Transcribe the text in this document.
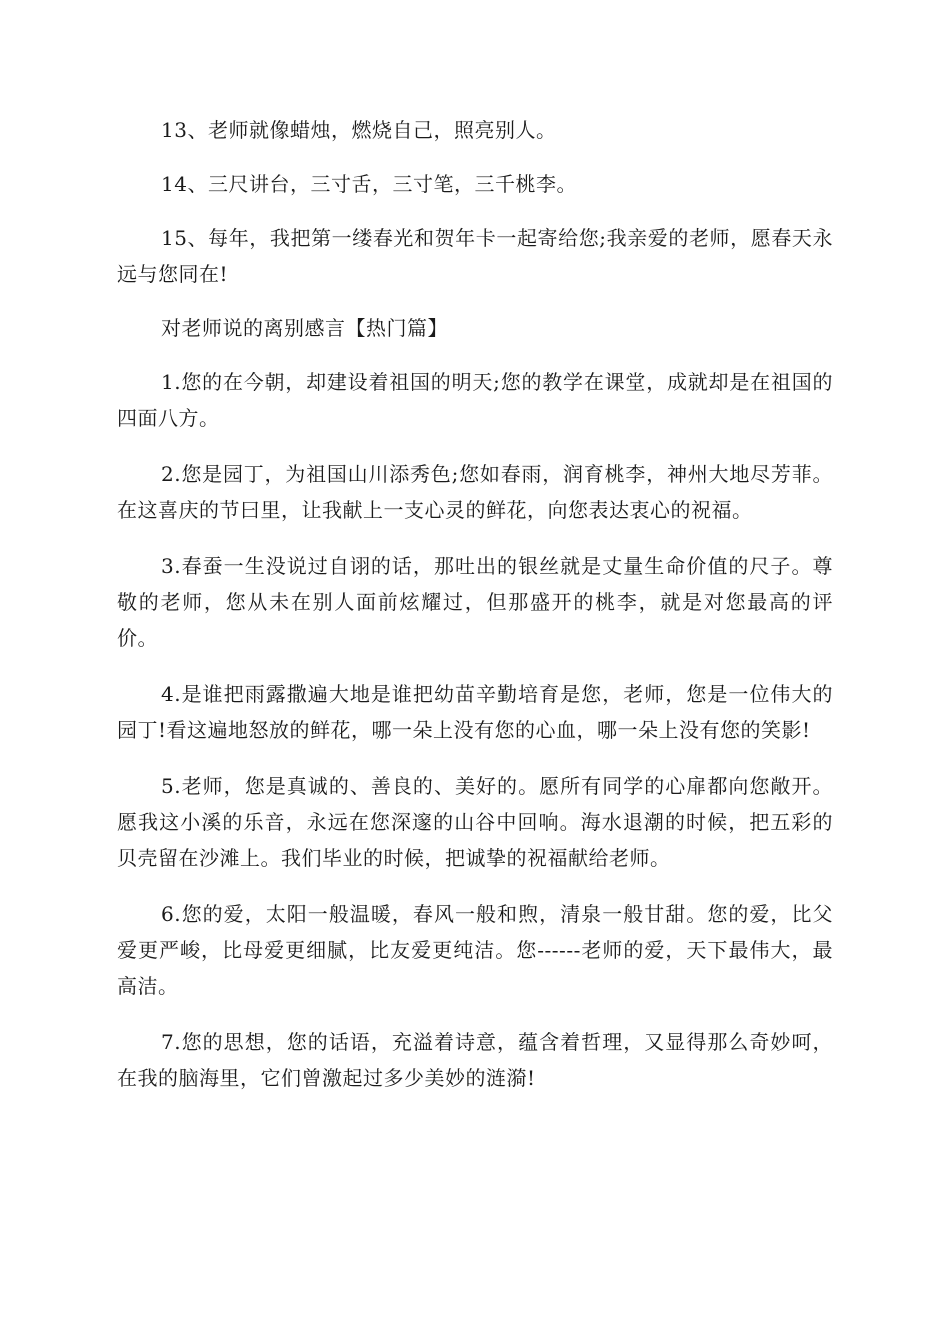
13、老师就像蜡烛，燃烧自己，照亮别人。

14、三尺讲台，三寸舌，三寸笔，三千桃李。

15、每年，我把第一缕春光和贺年卡一起寄给您;我亲爱的老师，愿春天永远与您同在!

对老师说的离别感言【热门篇】

1.您的在今朝，却建设着祖国的明天;您的教学在课堂，成就却是在祖国的四面八方。

2.您是园丁，为祖国山川添秀色;您如春雨，润育桃李，神州大地尽芳菲。在这喜庆的节曰里，让我献上一支心灵的鲜花，向您表达衷心的祝福。

3.春蚕一生没说过自诩的话，那吐出的银丝就是丈量生命价值的尺子。尊敬的老师，您从未在别人面前炫耀过，但那盛开的桃李，就是对您最高的评价。

4.是谁把雨露撒遍大地是谁把幼苗辛勤培育是您，老师，您是一位伟大的园丁!看这遍地怒放的鲜花，哪一朵上没有您的心血，哪一朵上没有您的笑影!

5.老师，您是真诚的、善良的、美好的。愿所有同学的心扉都向您敞开。愿我这小溪的乐音，永远在您深邃的山谷中回响。海水退潮的时候，把五彩的贝壳留在沙滩上。我们毕业的时候，把诚挚的祝福献给老师。

6.您的爱，太阳一般温暖，春风一般和煦，清泉一般甘甜。您的爱，比父爱更严峻，比母爱更细腻，比友爱更纯洁。您------老师的爱，天下最伟大，最高洁。

7.您的思想，您的话语，充溢着诗意，蕴含着哲理，又显得那么奇妙呵，在我的脑海里，它们曾激起过多少美妙的涟漪!
